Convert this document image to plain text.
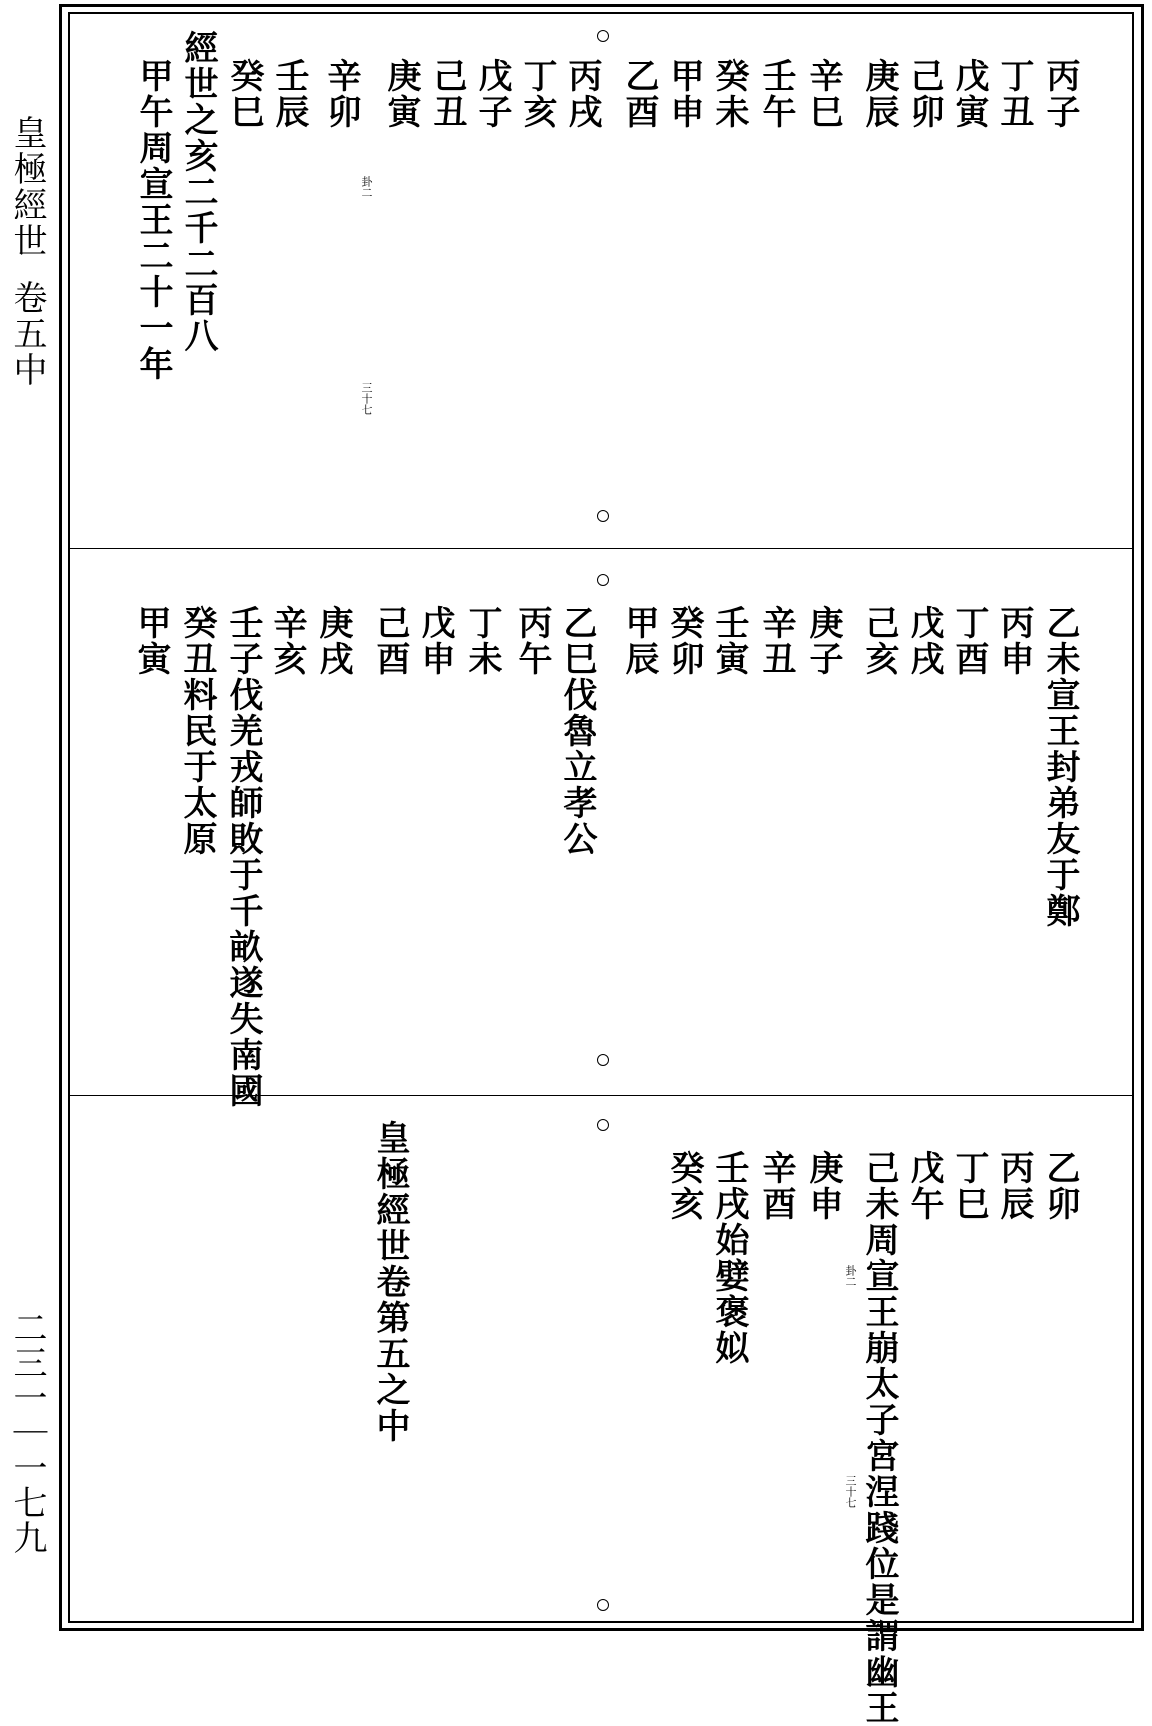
皇極經世
卷五中
二三一｜一七九
丙子
丁丑
戊寅
己卯
庚辰
辛巳
壬午
癸未
甲申
乙酉
丙戌
丁亥
戊子
己丑
庚寅
辛卯
壬辰
癸巳
卦二
三十七
經世之亥二千二百八
甲午周宣王二十一年
乙未宣王封弟友于鄭
丙申
丁酉
戊戌
己亥
庚子
辛丑
壬寅
癸卯
甲辰
乙巳伐魯立孝公
丙午
丁未
戊申
己酉
庚戌
辛亥
壬子伐羌戎師敗于千畝遂失南國
癸丑料民于太原
甲寅
乙卯
丙辰
丁巳
戊午
己未周宣王崩太子宮涅踐位是謂幽王
庚申
辛酉
壬戌始嬖褒姒
癸亥
卦二
三十七
皇極經世卷第五之中
